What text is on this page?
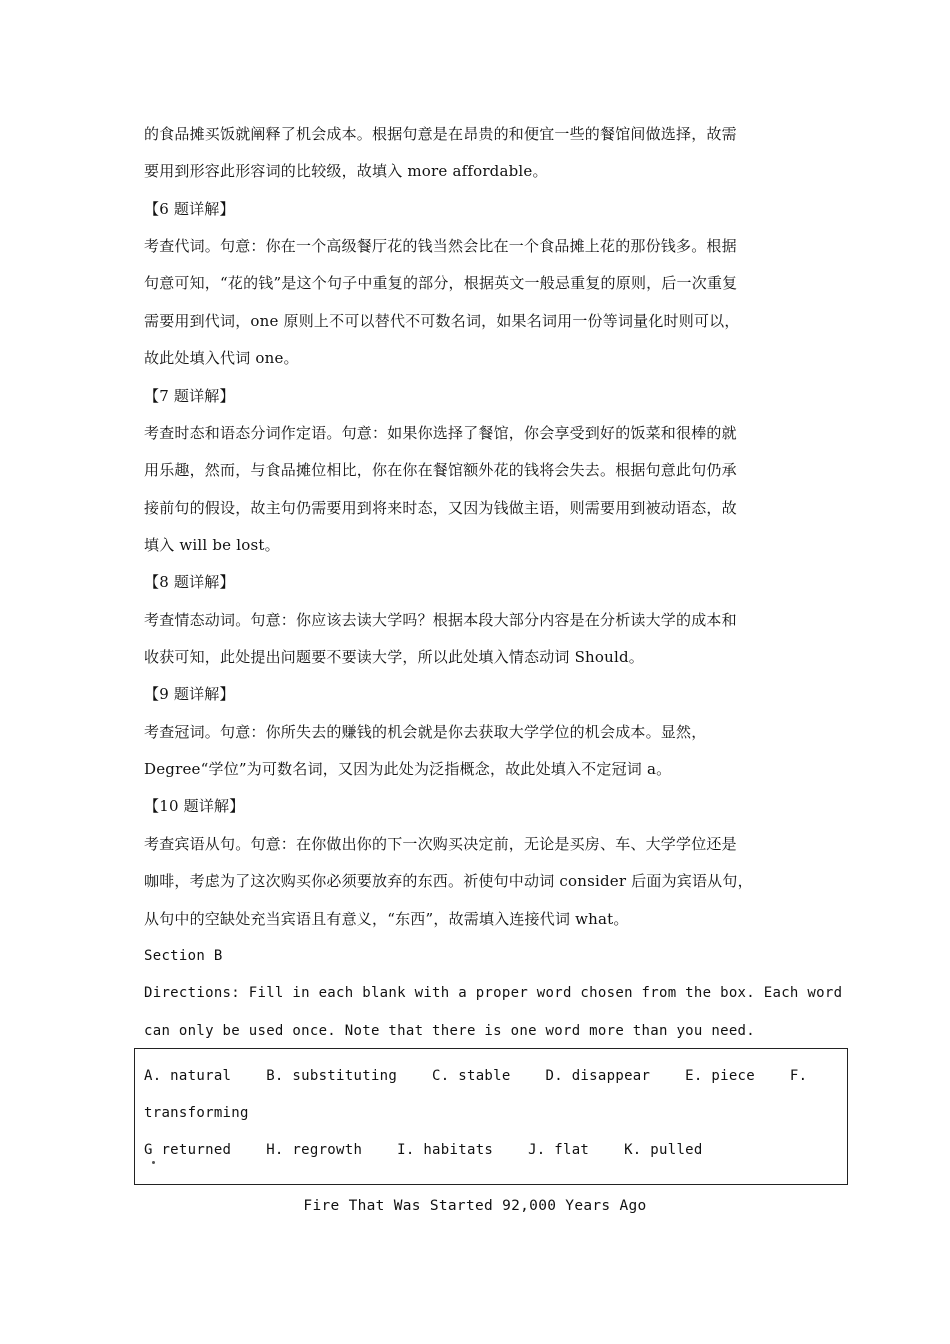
的食品摊买饭就阐释了机会成本。根据句意是在昂贵的和便宜一些的餐馆间做选择，故需
要用到形容此形容词的比较级，故填入 more affordable。
【6 题详解】
考查代词。句意：你在一个高级餐厅花的钱当然会比在一个食品摊上花的那份钱多。根据
句意可知，“花的钱”是这个句子中重复的部分，根据英文一般忌重复的原则，后一次重复
需要用到代词，one 原则上不可以替代不可数名词，如果名词用一份等词量化时则可以，
故此处填入代词 one。
【7 题详解】
考查时态和语态分词作定语。句意：如果你选择了餐馆，你会享受到好的饭菜和很棒的就
用乐趣，然而，与食品摊位相比，你在你在餐馆额外花的钱将会失去。根据句意此句仍承
接前句的假设，故主句仍需要用到将来时态，又因为钱做主语，则需要用到被动语态，故
填入 will be lost。
【8 题详解】
考查情态动词。句意：你应该去读大学吗？根据本段大部分内容是在分析读大学的成本和
收获可知，此处提出问题要不要读大学，所以此处填入情态动词 Should。
【9 题详解】
考查冠词。句意：你所失去的赚钱的机会就是你去获取大学学位的机会成本。显然，
Degree“学位”为可数名词，又因为此处为泛指概念，故此处填入不定冠词 a。
【10 题详解】
考查宾语从句。句意：在你做出你的下一次购买决定前，无论是买房、车、大学学位还是
咖啡，考虑为了这次购买你必须要放弃的东西。祈使句中动词 consider 后面为宾语从句，
从句中的空缺处充当宾语且有意义，“东西”，故需填入连接代词 what。
Section B
Directions: Fill in each blank with a proper word chosen from the box. Each word
can only be used once. Note that there is one word more than you need.
A. natural    B. substituting    C. stable    D. disappear    E. piece    F.
transforming
G returned    H. regrowth    I. habitats    J. flat    K. pulled
Fire That Was Started 92,000 Years Ago
